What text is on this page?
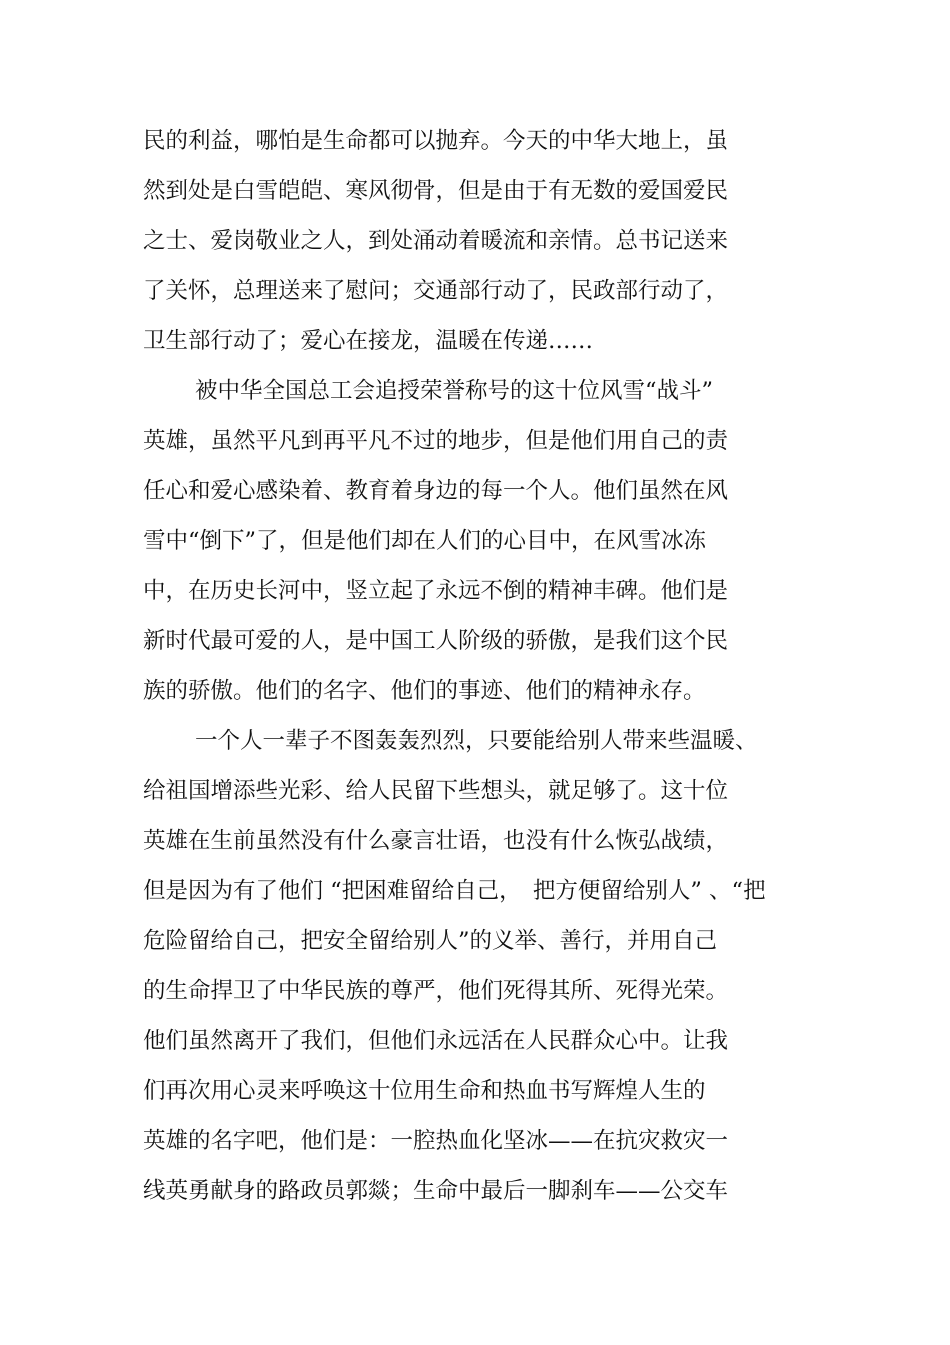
民的利益，哪怕是生命都可以抛弃。今天的中华大地上，虽
然到处是白雪皑皑、寒风彻骨，但是由于有无数的爱国爱民
之士、爱岗敬业之人，到处涌动着暖流和亲情。总书记送来
了关怀，总理送来了慰问；交通部行动了，民政部行动了，
卫生部行动了；爱心在接龙，温暖在传递……
被中华全国总工会追授荣誉称号的这十位风雪“战斗”
英雄，虽然平凡到再平凡不过的地步，但是他们用自己的责
任心和爱心感染着、教育着身边的每一个人。他们虽然在风
雪中“倒下”了，但是他们却在人们的心目中，在风雪冰冻
中，在历史长河中，竖立起了永远不倒的精神丰碑。他们是
新时代最可爱的人，是中国工人阶级的骄傲，是我们这个民
族的骄傲。他们的名字、他们的事迹、他们的精神永存。
一个人一辈子不图轰轰烈烈，只要能给别人带来些温暖、
给祖国增添些光彩、给人民留下些想头，就足够了。这十位
英雄在生前虽然没有什么豪言壮语，也没有什么恢弘战绩，
但是因为有了他们 “把困难留给自己，　把方便留给别人” 、“把
危险留给自己，把安全留给别人”的义举、善行，并用自己
的生命捍卫了中华民族的尊严，他们死得其所、死得光荣。
他们虽然离开了我们，但他们永远活在人民群众心中。让我
们再次用心灵来呼唤这十位用生命和热血书写辉煌人生的
英雄的名字吧，他们是：一腔热血化坚冰——在抗灾救灾一
线英勇献身的路政员郭燚；生命中最后一脚刹车——公交车
